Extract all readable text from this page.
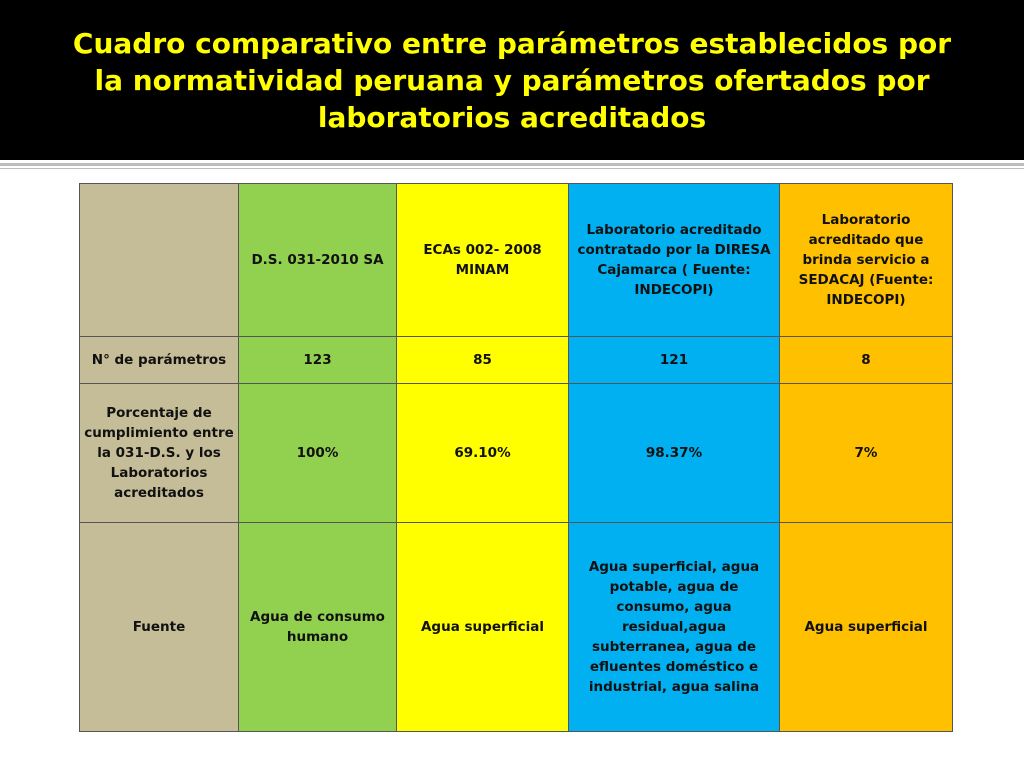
Cuadro comparativo entre parámetros establecidos por la normatividad peruana y parámetros ofertados por laboratorios acreditados
	D.S. 031-2010 SA	ECAs 002- 2008 MINAM	Laboratorio acreditado contratado por la DIRESA Cajamarca ( Fuente: INDECOPI)	Laboratorio acreditado que brinda servicio a SEDACAJ (Fuente: INDECOPI)
N° de parámetros	123	85	121	8
Porcentaje de cumplimiento entre la 031-D.S. y los Laboratorios acreditados	100%	69.10%	98.37%	7%
Fuente	Agua de consumo humano	Agua superficial	Agua superficial, agua potable, agua de consumo, agua residual,agua subterranea, agua de efluentes doméstico e industrial, agua salina	Agua superficial
